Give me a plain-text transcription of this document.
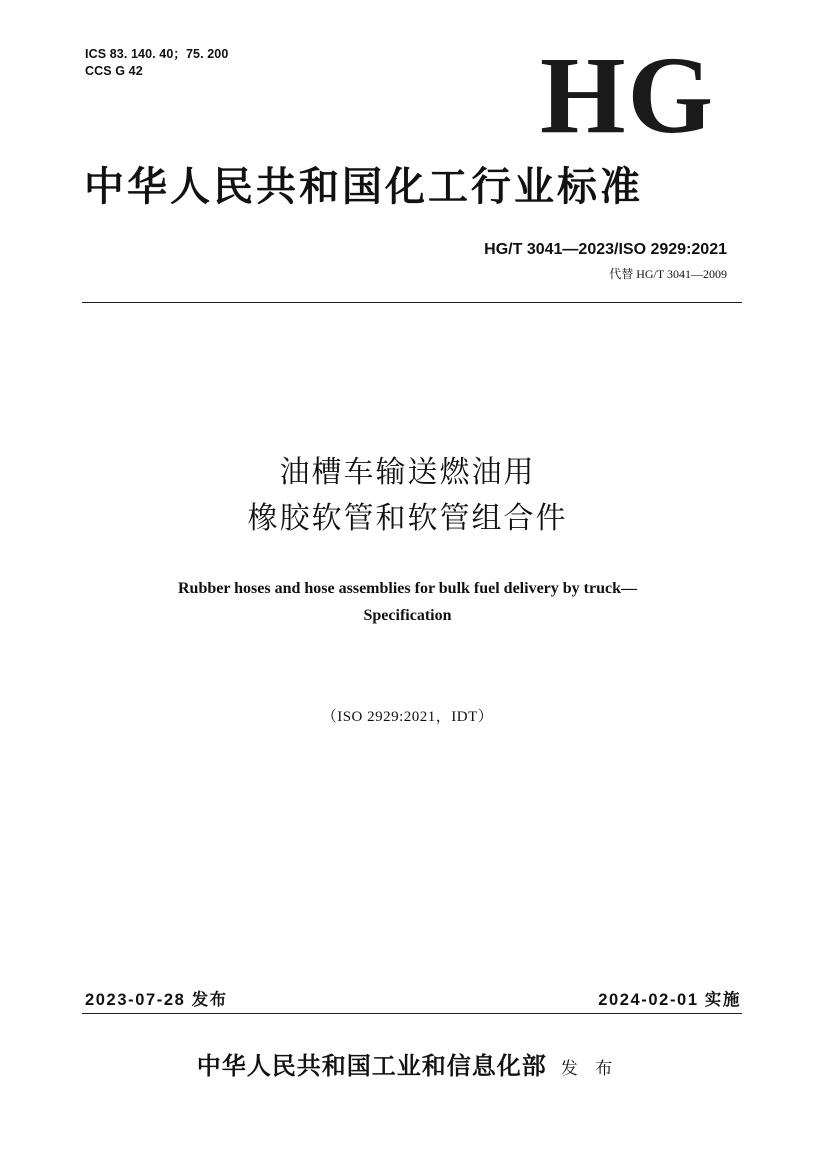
ICS 83. 140. 40；75. 200
CCS G 42	HG
中华人民共和国化工行业标准
HG/T 3041—2023/ISO 2929:2021
代替 HG/T 3041—2009
油槽车输送燃油用
橡胶软管和软管组合件
Rubber hoses and hose assemblies for bulk fuel delivery by truck—
Specification
（ISO 2929:2021，IDT）
2023-07-28 发布	2024-02-01 实施
中华人民共和国工业和信息化部 发 布
